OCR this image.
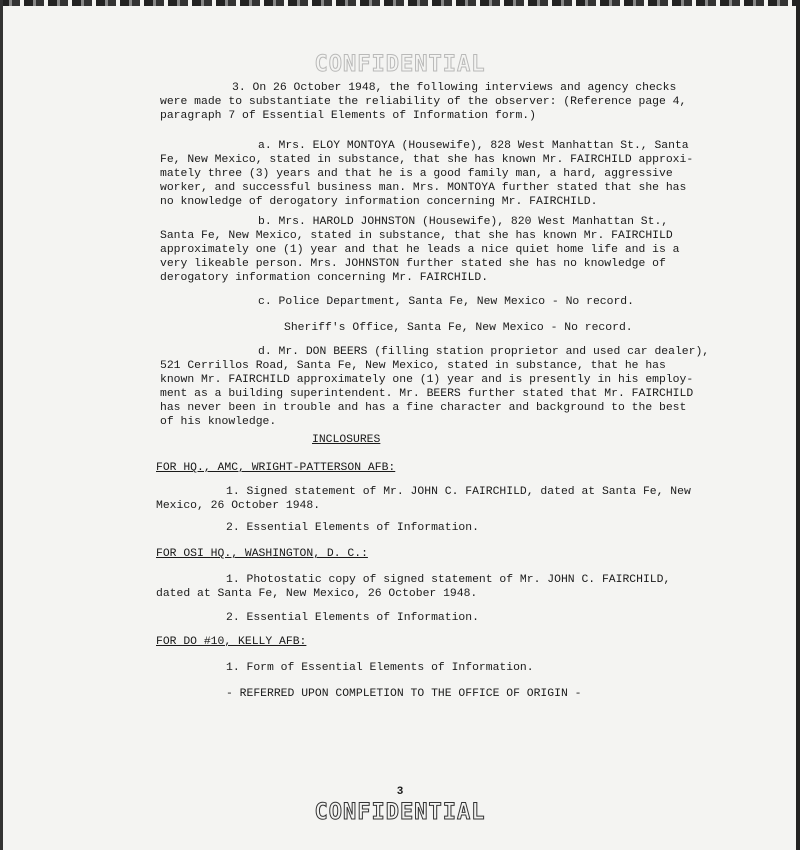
CONFIDENTIAL
3. On 26 October 1948, the following interviews and agency checks
were made to substantiate the reliability of the observer: (Reference page 4,
paragraph 7 of Essential Elements of Information form.)
a. Mrs. ELOY MONTOYA (Housewife), 828 West Manhattan St., Santa
Fe, New Mexico, stated in substance, that she has known Mr. FAIRCHILD approxi-
mately three (3) years and that he is a good family man, a hard, aggressive
worker, and successful business man. Mrs. MONTOYA further stated that she has
no knowledge of derogatory information concerning Mr. FAIRCHILD.
b. Mrs. HAROLD JOHNSTON (Housewife), 820 West Manhattan St.,
Santa Fe, New Mexico, stated in substance, that she has known Mr. FAIRCHILD
approximately one (1) year and that he leads a nice quiet home life and is a
very likeable person. Mrs. JOHNSTON further stated she has no knowledge of
derogatory information concerning Mr. FAIRCHILD.
c. Police Department, Santa Fe, New Mexico - No record.
Sheriff's Office, Santa Fe, New Mexico - No record.
d. Mr. DON BEERS (filling station proprietor and used car dealer),
521 Cerrillos Road, Santa Fe, New Mexico, stated in substance, that he has
known Mr. FAIRCHILD approximately one (1) year and is presently in his employ-
ment as a building superintendent. Mr. BEERS further stated that Mr. FAIRCHILD
has never been in trouble and has a fine character and background to the best
of his knowledge.
INCLOSURES
FOR HQ., AMC, WRIGHT-PATTERSON AFB:
1. Signed statement of Mr. JOHN C. FAIRCHILD, dated at Santa Fe, New
Mexico, 26 October 1948.
2. Essential Elements of Information.
FOR OSI HQ., WASHINGTON, D. C.:
1. Photostatic copy of signed statement of Mr. JOHN C. FAIRCHILD,
dated at Santa Fe, New Mexico, 26 October 1948.
2. Essential Elements of Information.
FOR DO #10, KELLY AFB:
1. Form of Essential Elements of Information.
- REFERRED UPON COMPLETION TO THE OFFICE OF ORIGIN -
3
CONFIDENTIAL
